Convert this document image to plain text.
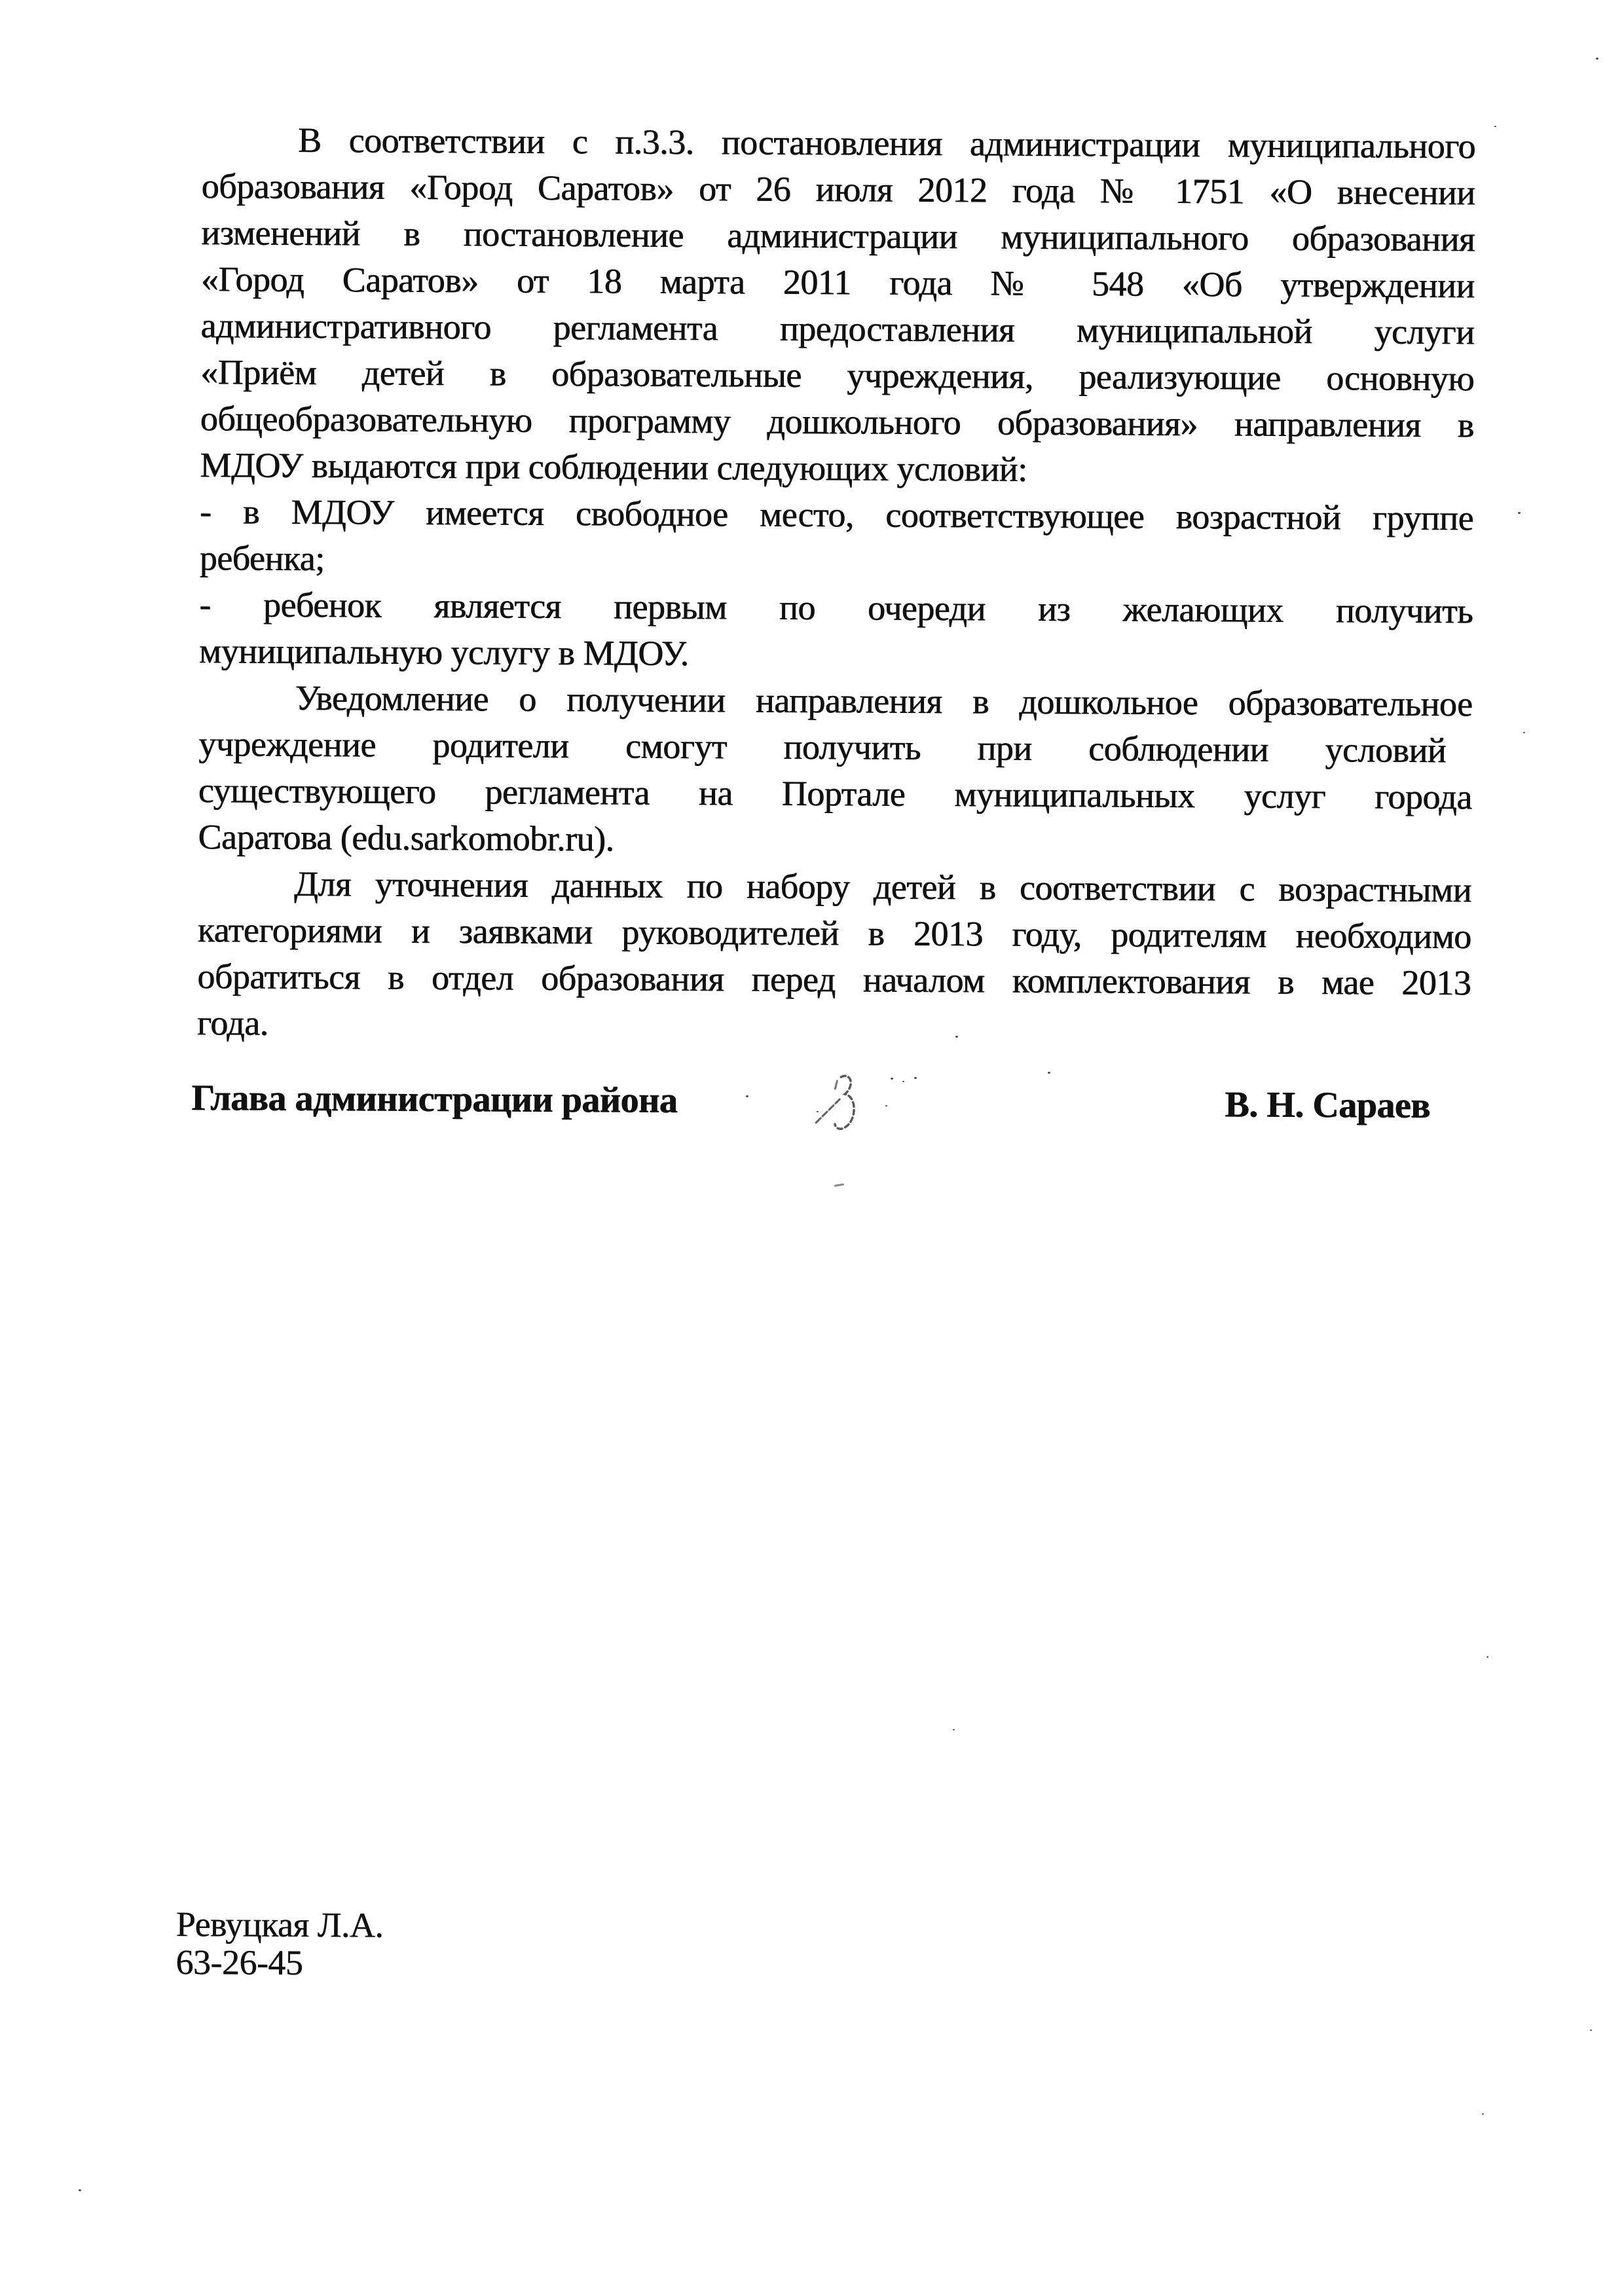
В соответствии с п.3.3. постановления администрации муниципального
образования «Город Саратов» от 26 июля 2012 года № 1751 «О внесении
изменений в постановление администрации муниципального образования
«Город Саратов» от 18 марта 2011 года № 548 «Об утверждении
административного регламента предоставления муниципальной услуги
«Приём детей в образовательные учреждения, реализующие основную
общеобразовательную программу дошкольного образования» направления в
МДОУ выдаются при соблюдении следующих условий:
- в МДОУ имеется свободное место, соответствующее возрастной группе
ребенка;
- ребенок является первым по очереди из желающих получить
муниципальную услугу в МДОУ.
Уведомление о получении направления в дошкольное образовательное
учреждение родители смогут получить при соблюдении условий
существующего регламента на Портале муниципальных услуг города
Саратова (edu.sarkomobr.ru).
Для уточнения данных по набору детей в соответствии с возрастными
категориями и заявками руководителей в 2013 году, родителям необходимо
обратиться в отдел образования перед началом комплектования в мае 2013
года.
Глава администрации района	В. Н. Сараев
Ревуцкая Л.А.
63-26-45
